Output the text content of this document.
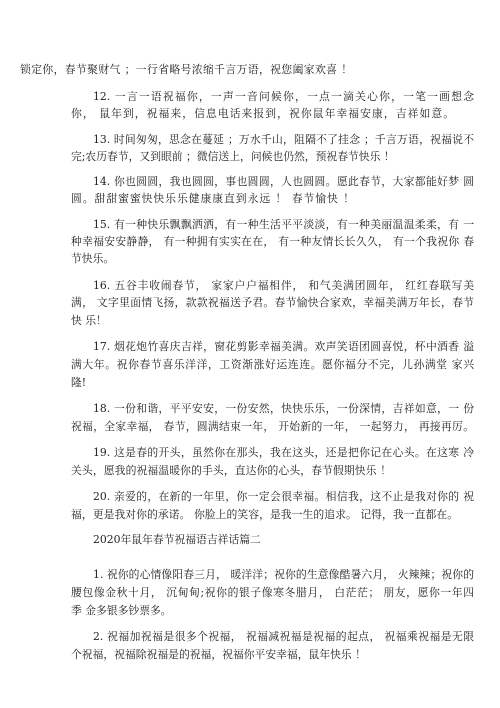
锁定你，春节聚财气 ；一行省略号浓缩千言万语，祝您阖家欢喜 ！
12. 一言一语祝福你，一声一音问候你，一点一滴关心你，一笔一画想念
你， 鼠年到，祝福来，信息电话来报到，祝你鼠年幸福安康，吉祥如意。
13. 时间匆匆，思念在蔓延 ；万水千山，阻隔不了挂念 ；千言万语，祝福说不
完;农历春节，又到眼前 ；微信送上，问候也仍然，预祝春节快乐 ！
14. 你也圆圆，我也圆圆，事也圆圆，人也圆圆。愿此春节，大家都能好梦 圆
圆。甜甜蜜蜜快快乐乐健康康直到永远 ！ 春节愉快 ！
15. 有一种快乐飘飘洒洒，有一种生活平平淡淡，有一种美丽温温柔柔，有 一
种幸福安安静静， 有一种拥有实实在在， 有一种友情长长久久， 有一个我祝你 春
节快乐。
16. 五谷丰收闹春节， 家家户户福相伴， 和气美满团圆年， 红红春联写美
满， 文字里面情飞扬，款款祝福送予君。春节愉快合家欢，幸福美满万年长，春节
快 乐！
17. 烟花炮竹喜庆吉祥，窗花剪影幸福美满。欢声笑语团圆喜悦，杯中酒香 溢
满大年。祝你春节喜乐洋洋，工资渐涨好运连连。愿你福分不完，儿孙满堂 家兴
隆!
18. 一份和谐，平平安安，一份安然，快快乐乐，一份深情，吉祥如意，一 份
祝福，全家幸福， 春节，圆满结束一年， 开始新的一年， 一起努力， 再接再厉。
19. 这是春的开头，虽然你在那头，我在这头，还是把你记在心头。在这寒 冷
关头，愿我的祝福温暖你的手头，直达你的心头，春节假期快乐 ！
20. 亲爱的，在新的一年里，你一定会很幸福。相信我，这不止是我对你的 祝
福，更是我对你的承诺。 你脸上的笑容，是我一生的追求。 记得，我一直都在。
2020年鼠年春节祝福语吉祥话篇二
1. 祝你的心情像阳春三月， 暖洋洋；祝你的生意像酷暑六月， 火辣辣；祝你的
腰包像金秋十月， 沉甸甸;祝你的银子像寒冬腊月， 白茫茫； 朋友，愿你一年四
季 金多银多钞票多。
2. 祝福加祝福是很多个祝福， 祝福减祝福是祝福的起点， 祝福乘祝福是无限
个祝福，祝福除祝福是的祝福，祝福你平安幸福，鼠年快乐 ！
